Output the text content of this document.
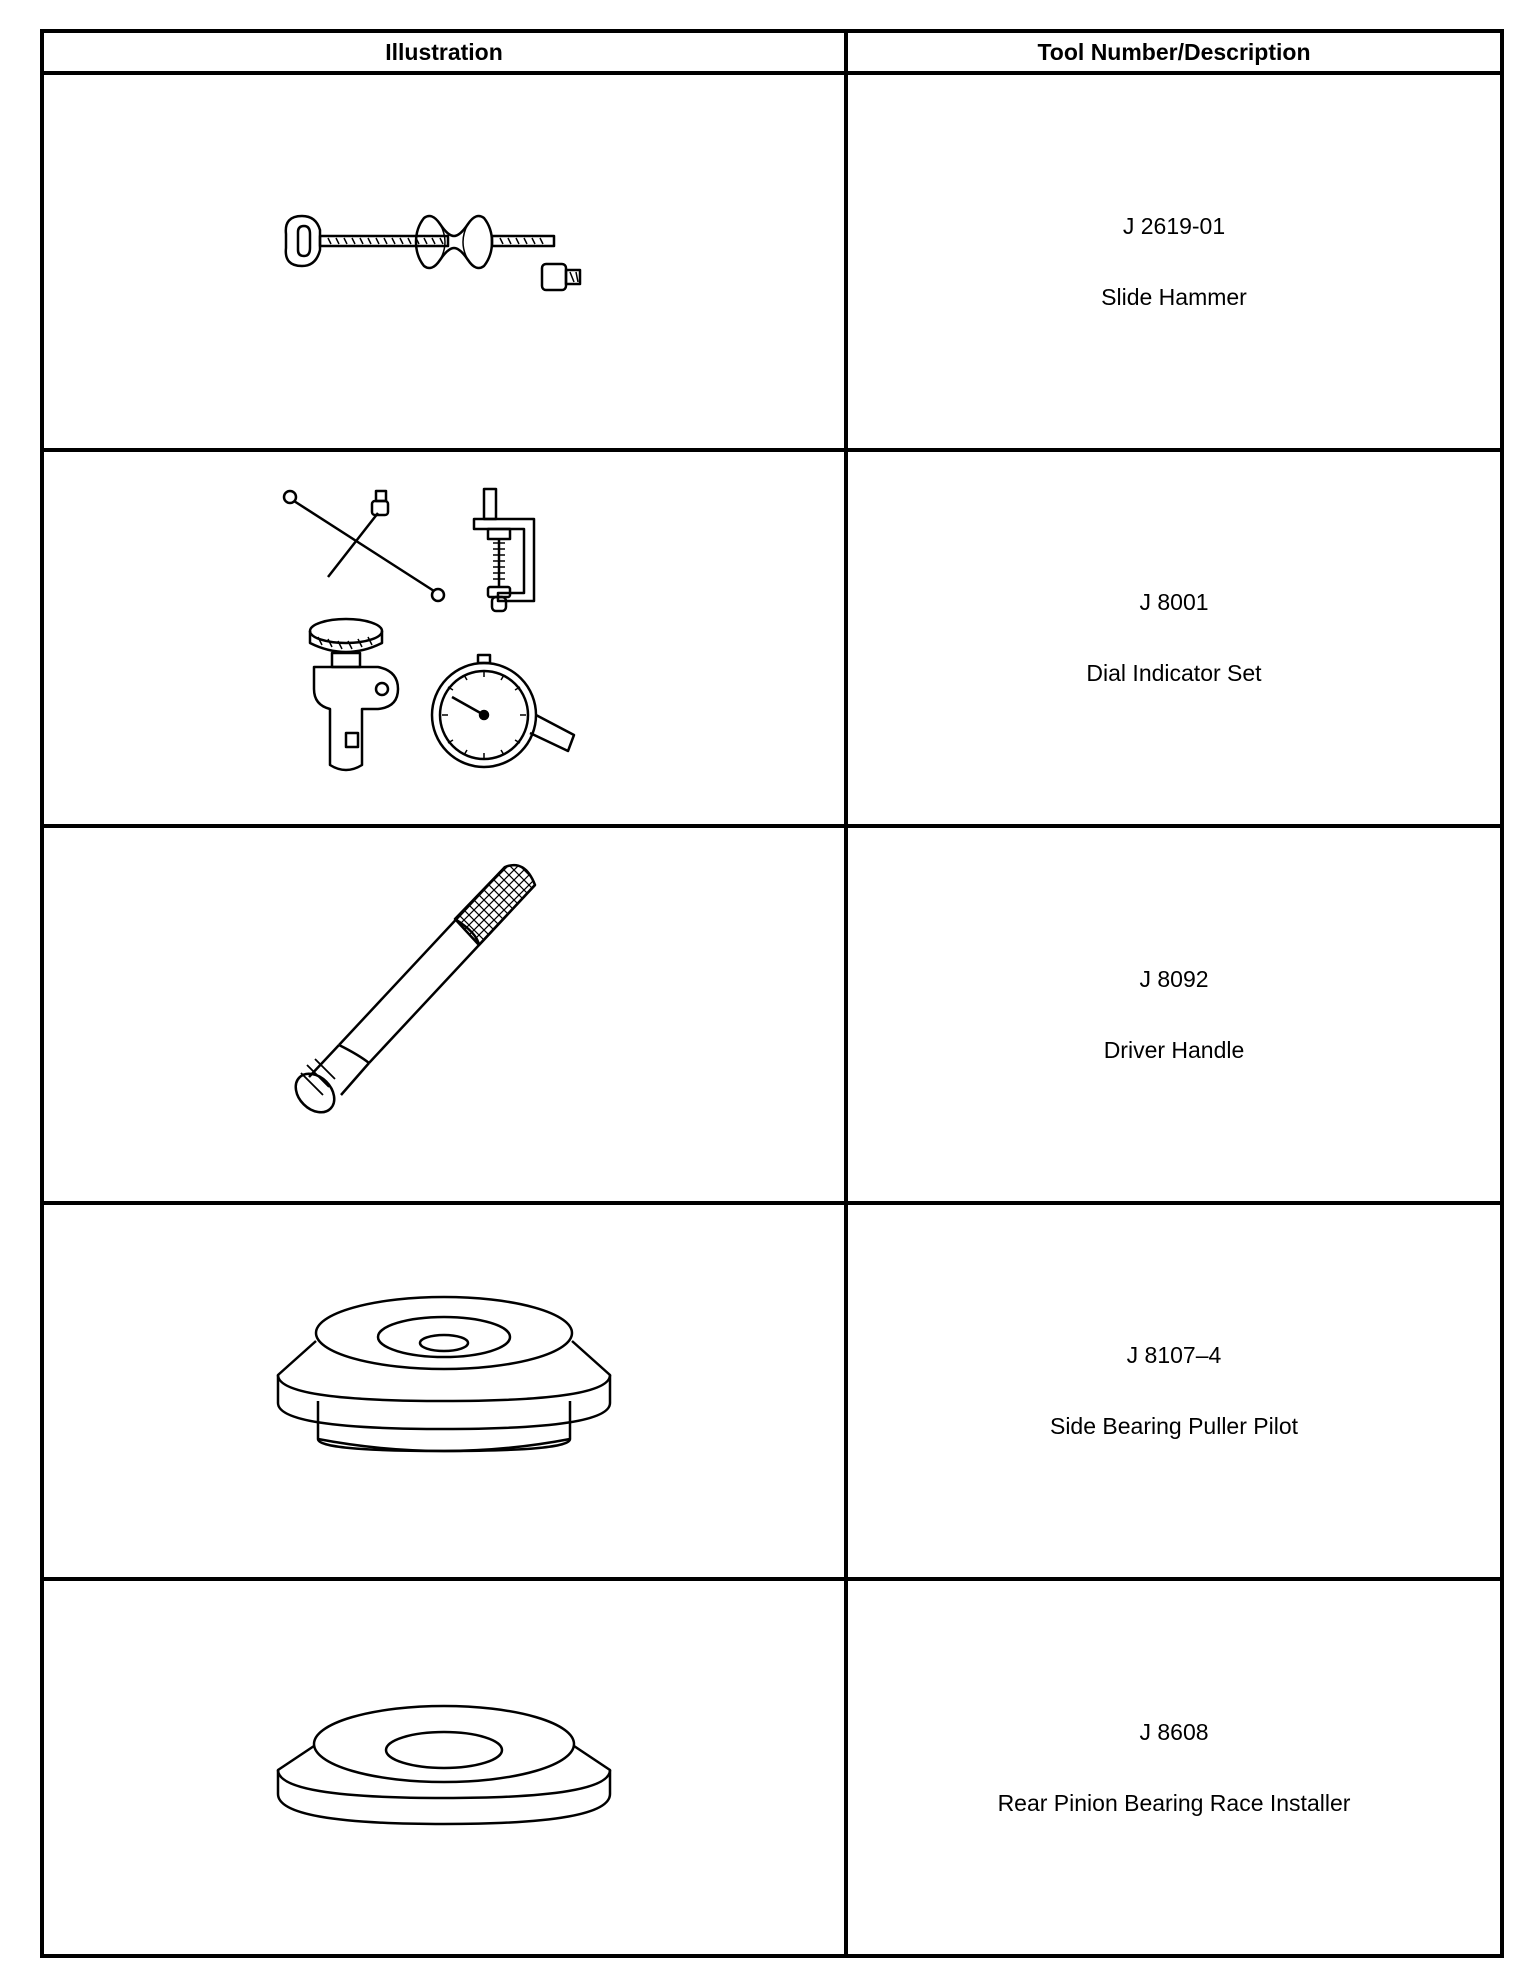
Illustration	Tool Number/Description

J 2619-01
Slide Hammer

J 8001
Dial Indicator Set

J 8092
Driver Handle

J 8107–4
Side Bearing Puller Pilot

J 8608
Rear Pinion Bearing Race Installer
